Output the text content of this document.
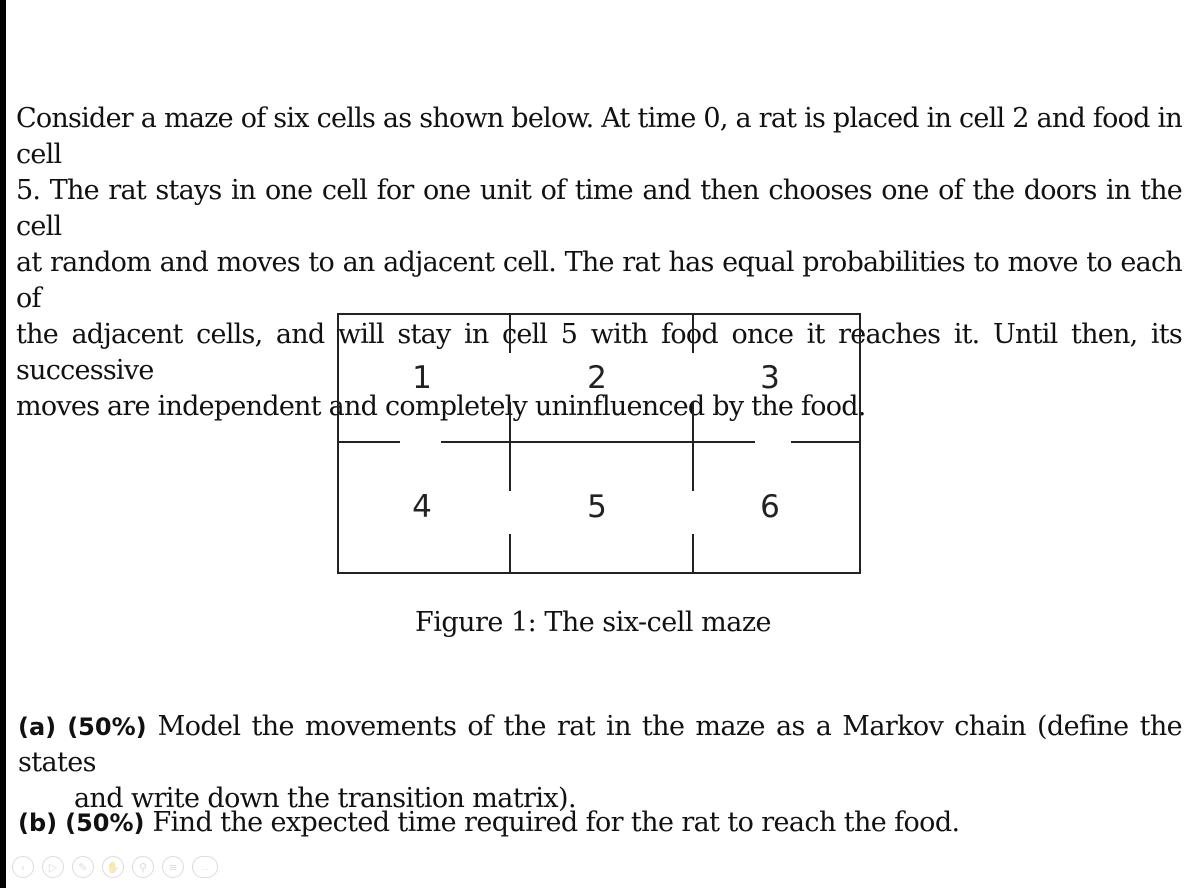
Consider a maze of six cells as shown below. At time 0, a rat is placed in cell 2 and food in cell
5. The rat stays in one cell for one unit of time and then chooses one of the doors in the cell
at random and moves to an adjacent cell. The rat has equal probabilities to move to each of
the adjacent cells, and will stay in cell 5 with food once it reaches it. Until then, its successive
moves are independent and completely uninfluenced by the food.
1	2	3
4	5	6
Figure 1: The six-cell maze
(a) (50%) Model the movements of the rat in the maze as a Markov chain (define the states
and write down the transition matrix).
(b) (50%) Find the expected time required for the rat to reach the food.
‹	▷	✎	✋	⚲	≡	…
